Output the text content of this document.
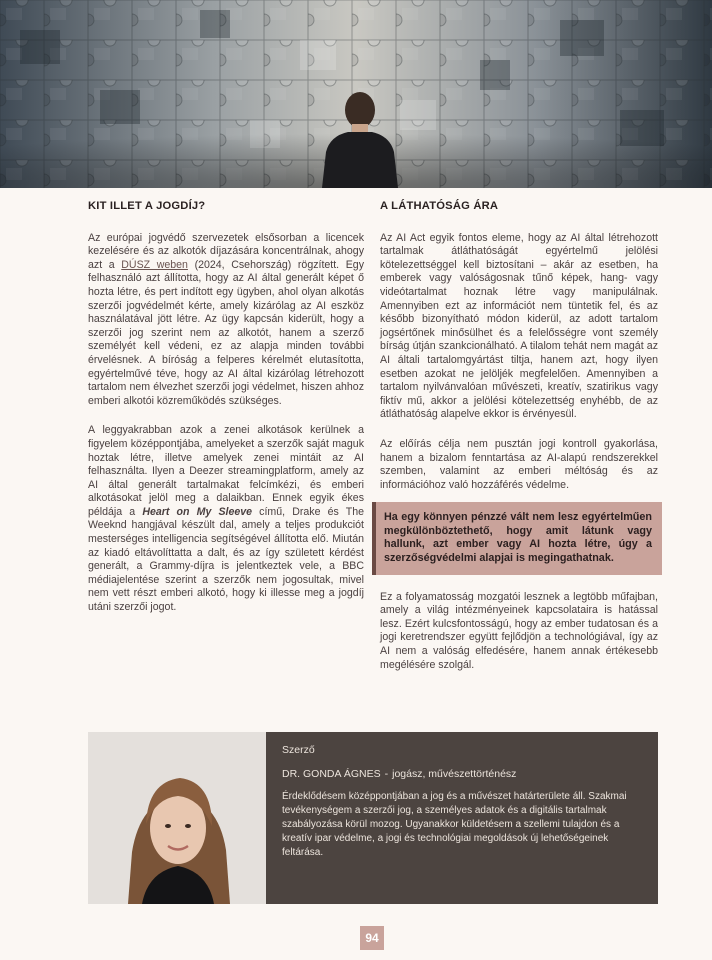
KIT ILLET A JOGDÍJ?

Az európai jogvédő szervezetek elsősorban a licencek kezelésére és az alkotók díjazására koncentrálnak, ahogy azt a DÚSZ weben (2024, Csehország) rögzített. Egy felhasználó azt állította, hogy az AI által generált képet ő hozta létre, és pert indított egy ügyben, ahol olyan alkotás szerzői jogvédelmét kérte, amely kizárólag az AI eszköz használatával jött létre. Az ügy kapcsán kiderült, hogy a szerzői jog szerint nem az alkotót, hanem a szerző személyét kell védeni, ez az alapja minden további érvelésnek. A bíróság a felperes kérelmét elutasította, egyértelművé téve, hogy az AI által kizárólag létrehozott tartalom nem élvezhet szerzői jogi védelmet, hiszen ahhoz emberi alkotói közreműködés szükséges.

A leggyakrabban azok a zenei alkotások kerülnek a figyelem középpontjába, amelyeket a szerzők saját maguk hoztak létre, illetve amelyek zenei mintáit az AI felhasználta. Ilyen a Deezer streamingplatform, amely az AI által generált tartalmakat felcímkézi, és emberi alkotásokat jelöl meg a dalaikban. Ennek egyik ékes példája a Heart on My Sleeve című, Drake és The Weeknd hangjával készült dal, amely a teljes produkciót mesterséges intelligencia segítségével állította elő. Miután az kiadó eltávolíttatta a dalt, és az így született kérdést generált, a Grammy-díjra is jelentkeztek vele, a BBC médiajelentése szerint a szerzők nem jogosultak, mivel nem vett részt emberi alkotó, hogy ki illesse meg a jogdíj utáni szerzői jogot.

A LÁTHATÓSÁG ÁRA

Az AI Act egyik fontos eleme, hogy az AI által létrehozott tartalmak átláthatóságát egyértelmű jelölési kötelezettséggel kell biztosítani – akár az esetben, ha emberek vagy valóságosnak tűnő képek, hang- vagy videótartalmat hoznak létre vagy manipulálnak. Amennyiben ezt az információt nem tüntetik fel, és az később bizonyítható módon kiderül, az adott tartalom jogsértőnek minősülhet és a felelősségre vont személy bírság útján szankcionálható. A tilalom tehát nem magát az AI általi tartalomgyártást tiltja, hanem azt, hogy ilyen esetben azokat ne jelöljék megfelelően. Amennyiben a tartalom nyilvánvalóan művészeti, kreatív, szatirikus vagy fiktív mű, akkor a jelölési kötelezettség enyhébb, de az átláthatóság alapelve ekkor is érvényesül.

Az előírás célja nem pusztán jogi kontroll gyakorlása, hanem a bizalom fenntartása az AI-alapú rendszerekkel szemben, valamint az emberi méltóság és az információhoz való hozzáférés védelme.

Ha egy könnyen pénzzé vált nem lesz egyértelműen megkülönböztethető, hogy amit látunk vagy hallunk, azt ember vagy AI hozta létre, úgy a szerzőségvédelmi alapjai is megingathatnak.

Ez a folyamatosság mozgatói lesznek a legtöbb műfajban, amely a világ intézményeinek kapcsolataira is hatással lesz. Ezért kulcsfontosságú, hogy az ember tudatosan és a jogi keretrendszer együtt fejlődjön a technológiával, így az AI nem a valóság elfedésére, hanem annak értékesebb megélésére szolgál.

Szerző
DR. GONDA ÁGNES - jogász, művészettörténész
Érdeklődésem középpontjában a jog és a művészet határterülete áll. Szakmai tevékenységem a szerzői jog, a személyes adatok és a digitális tartalmak szabályozása körül mozog. Ugyanakkor küldetésem a szellemi tulajdon és a kreatív ipar védelme, a jogi és technológiai megoldások új lehetőségeinek feltárása.
94
